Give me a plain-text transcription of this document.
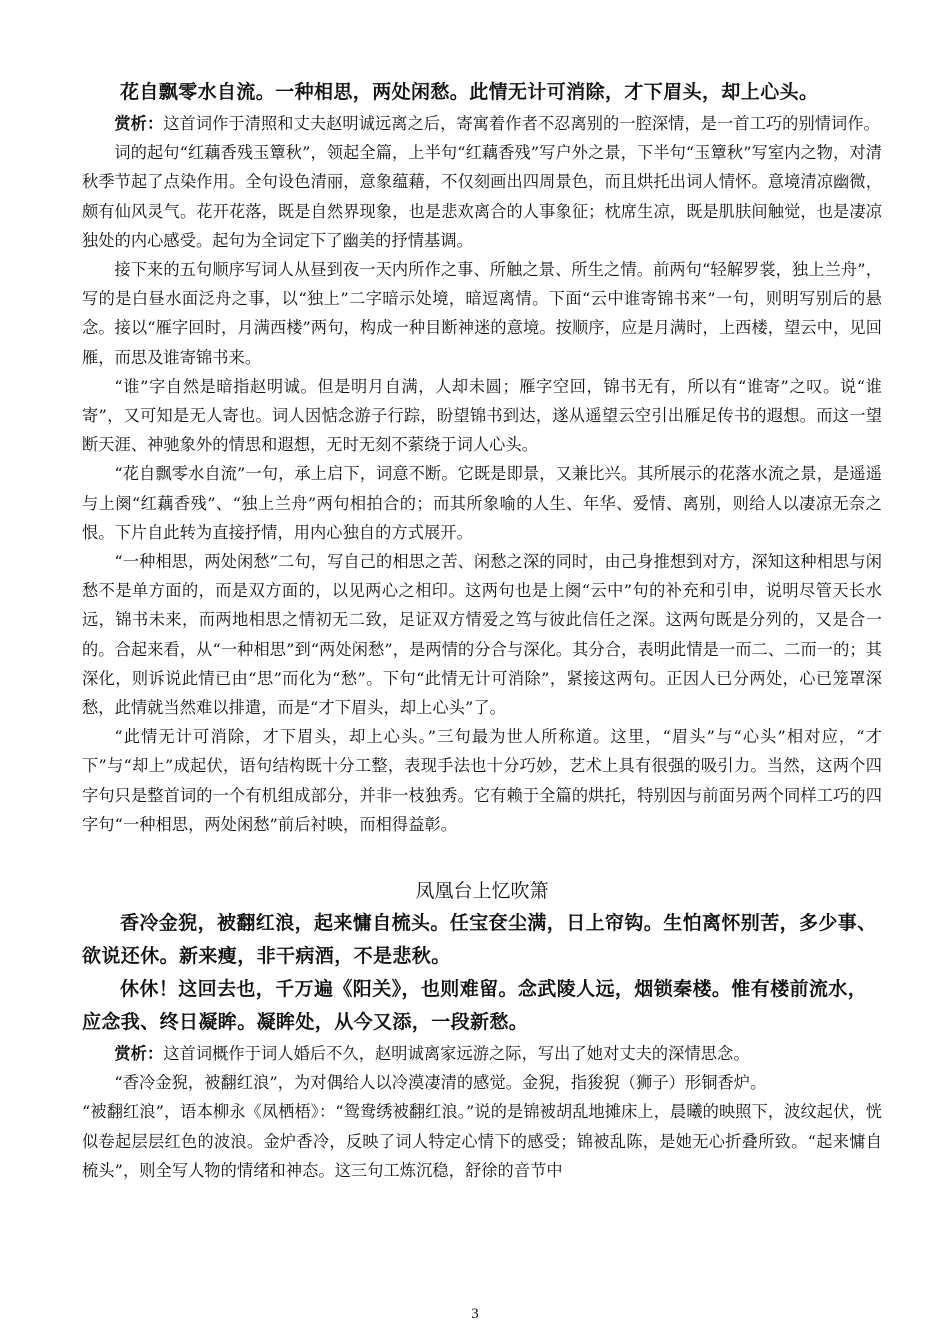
花自飘零水自流。一种相思，两处闲愁。此情无计可消除，才下眉头，却上心头。

赏析：这首词作于清照和丈夫赵明诚远离之后，寄寓着作者不忍离别的一腔深情，是一首工巧的别情词作。

词的起句“红藕香残玉簟秋”，领起全篇，上半句“红藕香残”写户外之景，下半句“玉簟秋”写室内之物，对清秋季节起了点染作用。全句设色清丽，意象蕴藉，不仅刻画出四周景色，而且烘托出词人情怀。意境清凉幽微，颇有仙风灵气。花开花落，既是自然界现象，也是悲欢离合的人事象征；枕席生凉，既是肌肤间触觉，也是凄凉独处的内心感受。起句为全词定下了幽美的抒情基调。

接下来的五句顺序写词人从昼到夜一天内所作之事、所触之景、所生之情。前两句“轻解罗裳，独上兰舟”，写的是白昼水面泛舟之事，以“独上”二字暗示处境，暗逗离情。下面“云中谁寄锦书来”一句，则明写别后的悬念。接以“雁字回时，月满西楼”两句，构成一种目断神迷的意境。按顺序，应是月满时，上西楼，望云中，见回雁，而思及谁寄锦书来。

“谁”字自然是暗指赵明诚。但是明月自满，人却未圆；雁字空回，锦书无有，所以有“谁寄”之叹。说“谁寄”，又可知是无人寄也。词人因惦念游子行踪，盼望锦书到达，遂从遥望云空引出雁足传书的遐想。而这一望断天涯、神驰象外的情思和遐想，无时无刻不萦绕于词人心头。

“花自飘零水自流”一句，承上启下，词意不断。它既是即景，又兼比兴。其所展示的花落水流之景，是遥遥与上阕“红藕香残”、“独上兰舟”两句相拍合的；而其所象喻的人生、年华、爱情、离别，则给人以凄凉无奈之恨。下片自此转为直接抒情，用内心独自的方式展开。

“一种相思，两处闲愁”二句，写自己的相思之苦、闲愁之深的同时，由己身推想到对方，深知这种相思与闲愁不是单方面的，而是双方面的，以见两心之相印。这两句也是上阕“云中”句的补充和引申，说明尽管天长水远，锦书未来，而两地相思之情初无二致，足证双方情爱之笃与彼此信任之深。这两句既是分列的，又是合一的。合起来看，从“一种相思”到“两处闲愁”，是两情的分合与深化。其分合，表明此情是一而二、二而一的；其深化，则诉说此情已由“思”而化为“愁”。下句“此情无计可消除”，紧接这两句。正因人已分两处，心已笼罩深愁，此情就当然难以排遣，而是“才下眉头，却上心头”了。

“此情无计可消除，才下眉头，却上心头。”三句最为世人所称道。这里，“眉头”与“心头”相对应，“才下”与“却上”成起伏，语句结构既十分工整，表现手法也十分巧妙，艺术上具有很强的吸引力。当然，这两个四字句只是整首词的一个有机组成部分，并非一枝独秀。它有赖于全篇的烘托，特别因与前面另两个同样工巧的四字句“一种相思，两处闲愁”前后衬映，而相得益彰。

凤凰台上忆吹箫

香冷金猊，被翻红浪，起来慵自梳头。任宝奁尘满，日上帘钩。生怕离怀别苦，多少事、欲说还休。新来瘦，非干病酒，不是悲秋。

休休！这回去也，千万遍《阳关》，也则难留。念武陵人远，烟锁秦楼。惟有楼前流水，应念我、终日凝眸。凝眸处，从今又添，一段新愁。

赏析：这首词概作于词人婚后不久，赵明诚离家远游之际，写出了她对丈夫的深情思念。

“香冷金猊，被翻红浪”，为对偶给人以冷漠凄清的感觉。金猊，指狻猊（狮子）形铜香炉。

“被翻红浪”，语本柳永《凤栖梧》：“鸳鸯绣被翻红浪。”说的是锦被胡乱地摊床上，晨曦的映照下，波纹起伏，恍似卷起层层红色的波浪。金炉香冷，反映了词人特定心情下的感受；锦被乱陈，是她无心折叠所致。“起来慵自梳头”，则全写人物的情绪和神态。这三句工炼沉稳，舒徐的音节中

3
